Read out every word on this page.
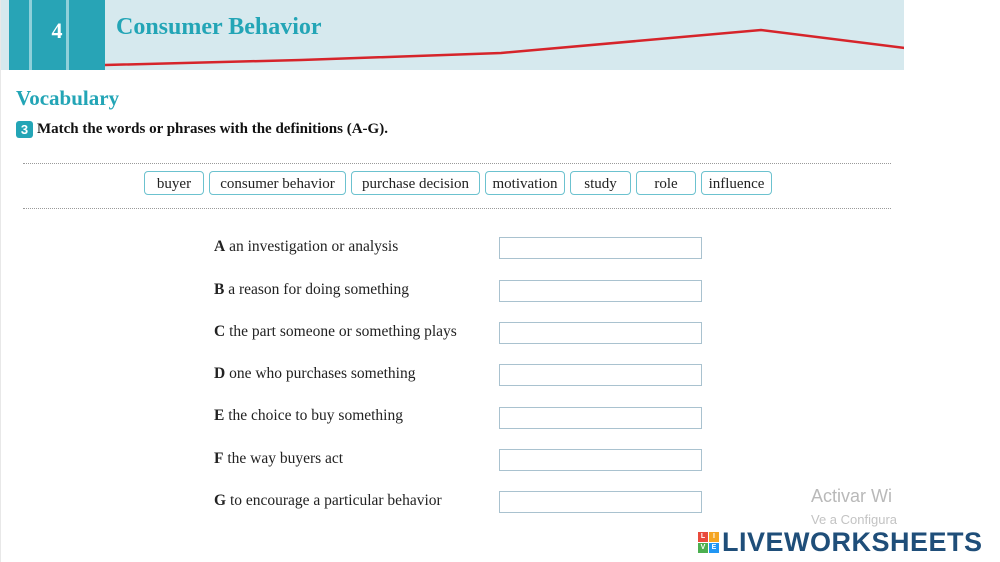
4	Consumer Behavior
Vocabulary
3 Match the words or phrases with the definitions (A-G).
buyer	consumer behavior	purchase decision	motivation	study	role	influence
A an investigation or analysis
B a reason for doing something
C the part someone or something plays
D one who purchases something
E the choice to buy something
F the way buyers act
G to encourage a particular behavior	Activar Wi
Ve a Configura
L	I
V E LIVEWORKSHEETS
